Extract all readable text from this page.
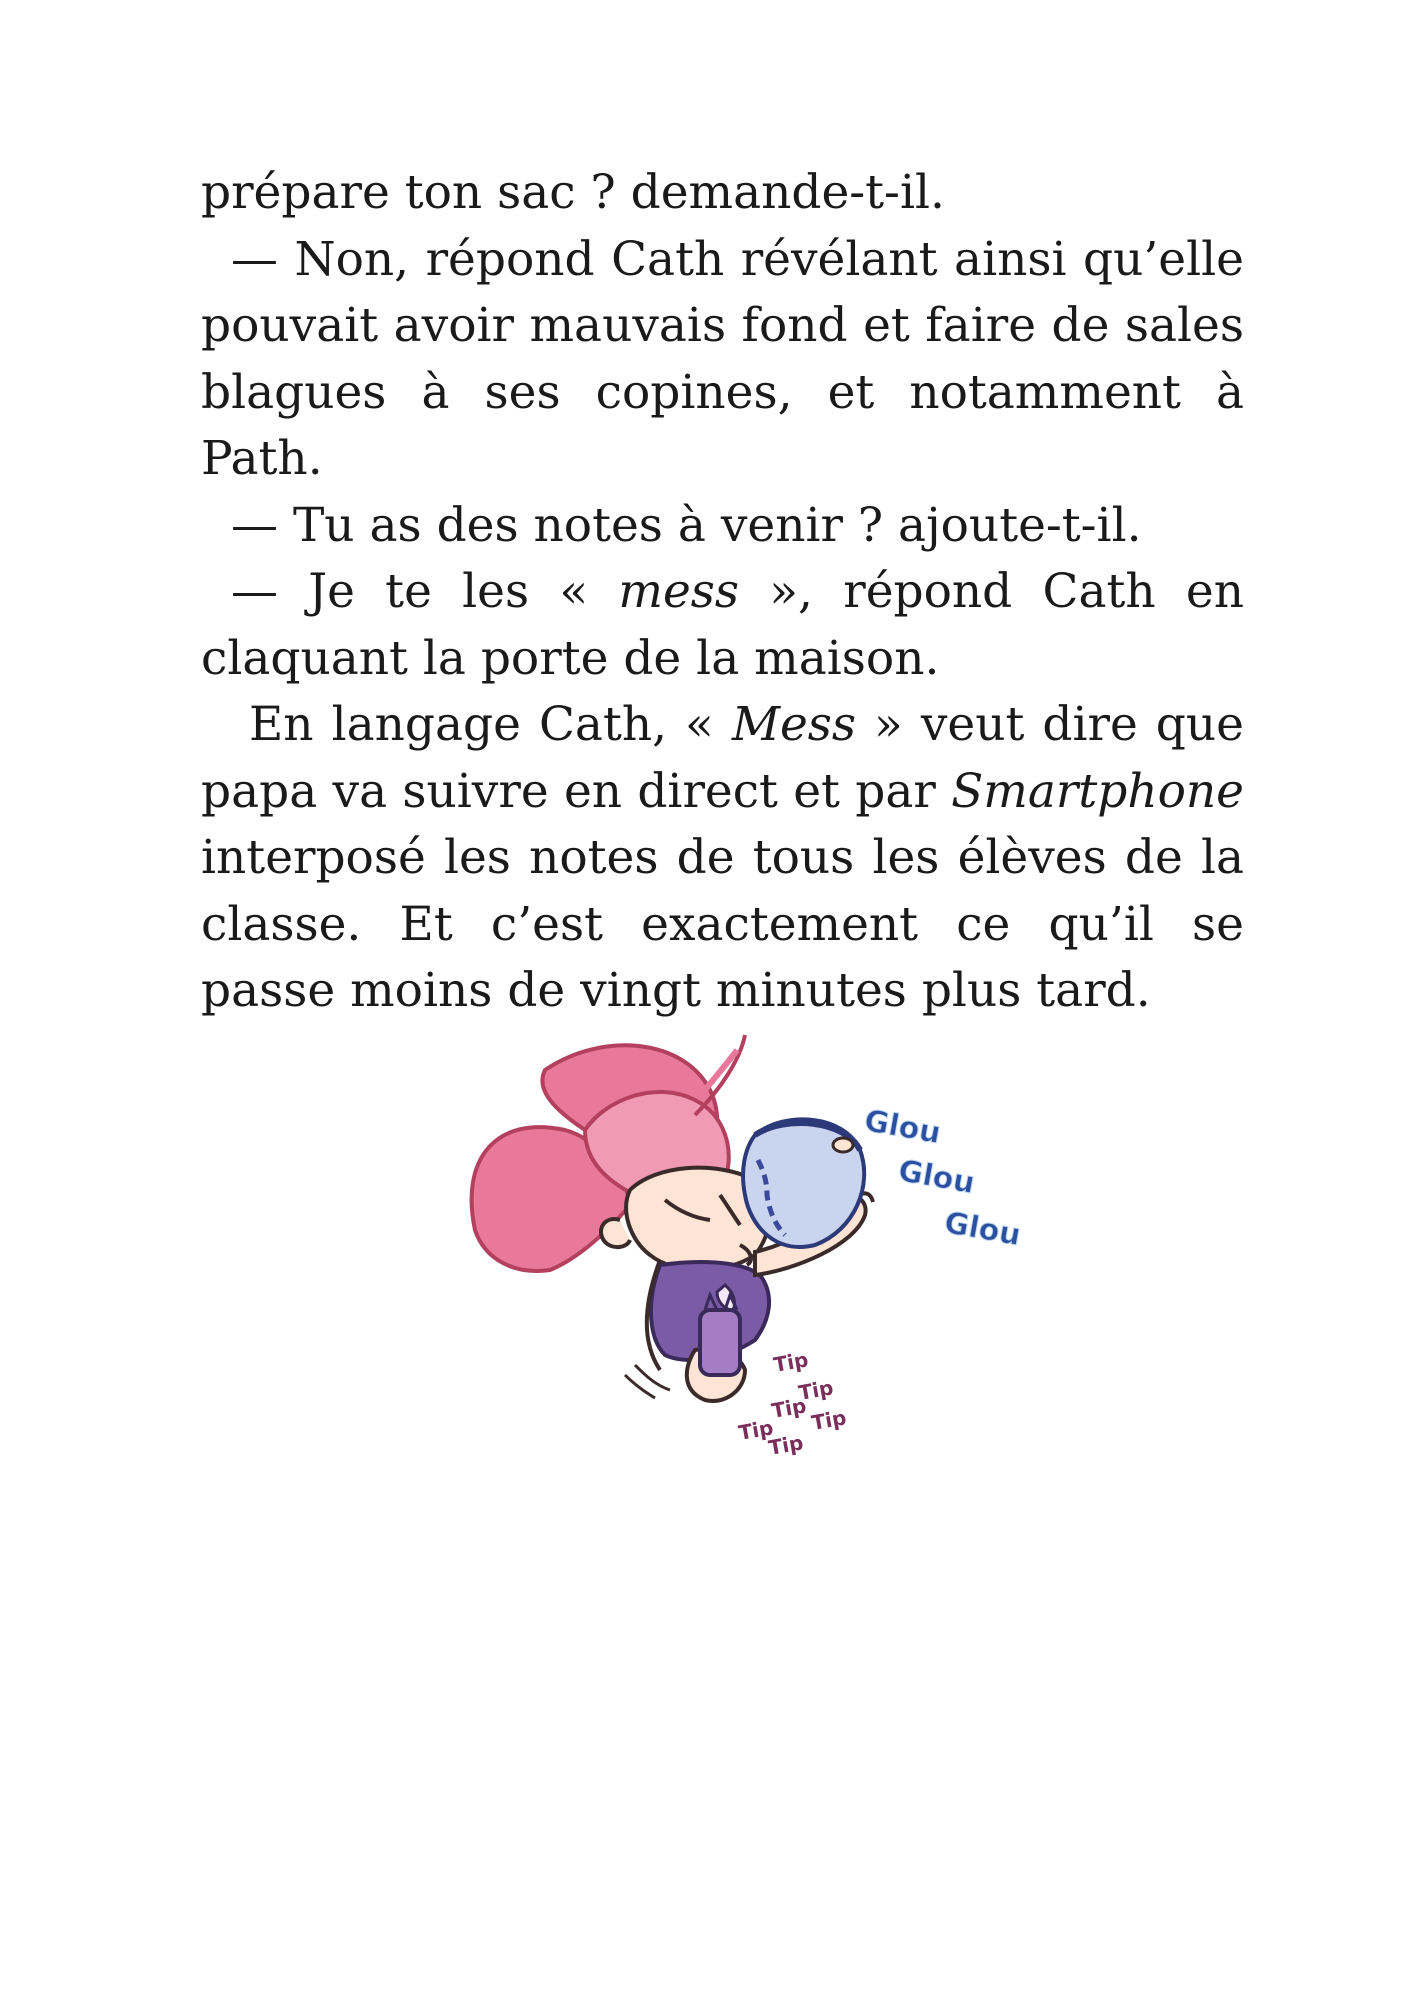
prépare ton sac ? demande-t-il.

— Non, répond Cath révélant ainsi qu’elle pouvait avoir mauvais fond et faire de sales blagues à ses copines, et notamment à Path.

— Tu as des notes à venir ? ajoute-t-il.

— Je te les « mess », répond Cath en claquant la porte de la maison.

En langage Cath, « Mess » veut dire que papa va suivre en direct et par Smartphone interposé les notes de tous les élèves de la classe. Et c’est exactement ce qu’il se passe moins de vingt minutes plus tard.

Glou
Glou
Glou
Tip
Tip
Tip Tip
Tip
Tip
